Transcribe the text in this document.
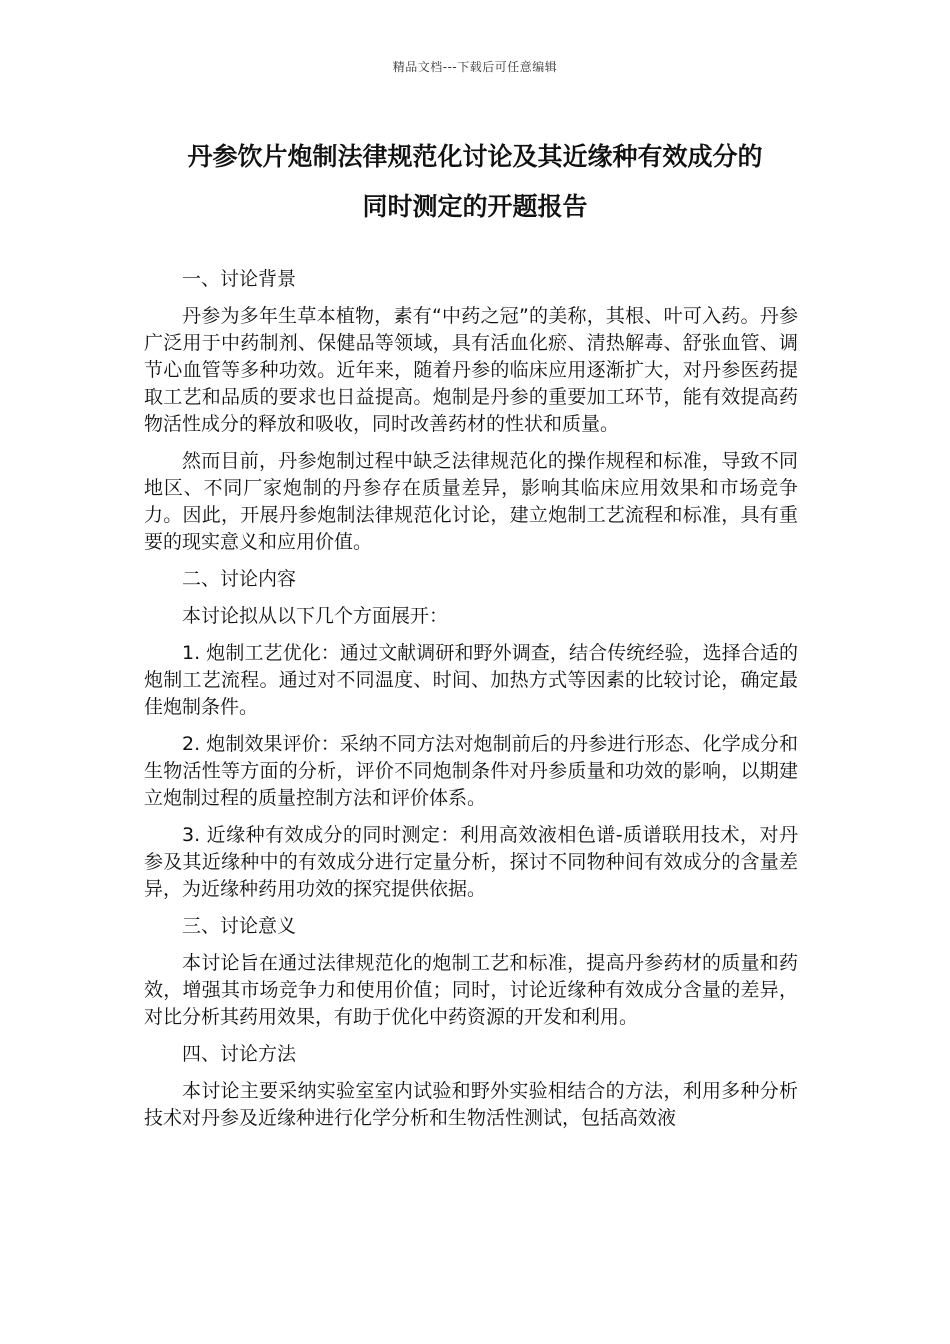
精品文档---下载后可任意编辑
丹参饮片炮制法律规范化讨论及其近缘种有效成分的
同时测定的开题报告

一、讨论背景

丹参为多年生草本植物，素有“中药之冠”的美称，其根、叶可入药。丹参广泛用于中药制剂、保健品等领域，具有活血化瘀、清热解毒、舒张血管、调节心血管等多种功效。近年来，随着丹参的临床应用逐渐扩大，对丹参医药提取工艺和品质的要求也日益提高。炮制是丹参的重要加工环节，能有效提高药物活性成分的释放和吸收，同时改善药材的性状和质量。

然而目前，丹参炮制过程中缺乏法律规范化的操作规程和标准，导致不同地区、不同厂家炮制的丹参存在质量差异，影响其临床应用效果和市场竞争力。因此，开展丹参炮制法律规范化讨论，建立炮制工艺流程和标准，具有重要的现实意义和应用价值。

二、讨论内容

本讨论拟从以下几个方面展开：

1. 炮制工艺优化：通过文献调研和野外调查，结合传统经验，选择合适的炮制工艺流程。通过对不同温度、时间、加热方式等因素的比较讨论，确定最佳炮制条件。

2. 炮制效果评价：采纳不同方法对炮制前后的丹参进行形态、化学成分和生物活性等方面的分析，评价不同炮制条件对丹参质量和功效的影响，以期建立炮制过程的质量控制方法和评价体系。

3. 近缘种有效成分的同时测定：利用高效液相色谱-质谱联用技术，对丹参及其近缘种中的有效成分进行定量分析，探讨不同物种间有效成分的含量差异，为近缘种药用功效的探究提供依据。

三、讨论意义

本讨论旨在通过法律规范化的炮制工艺和标准，提高丹参药材的质量和药效，增强其市场竞争力和使用价值；同时，讨论近缘种有效成分含量的差异，对比分析其药用效果，有助于优化中药资源的开发和利用。

四、讨论方法

本讨论主要采纳实验室室内试验和野外实验相结合的方法，利用多种分析技术对丹参及近缘种进行化学分析和生物活性测试，包括高效液
